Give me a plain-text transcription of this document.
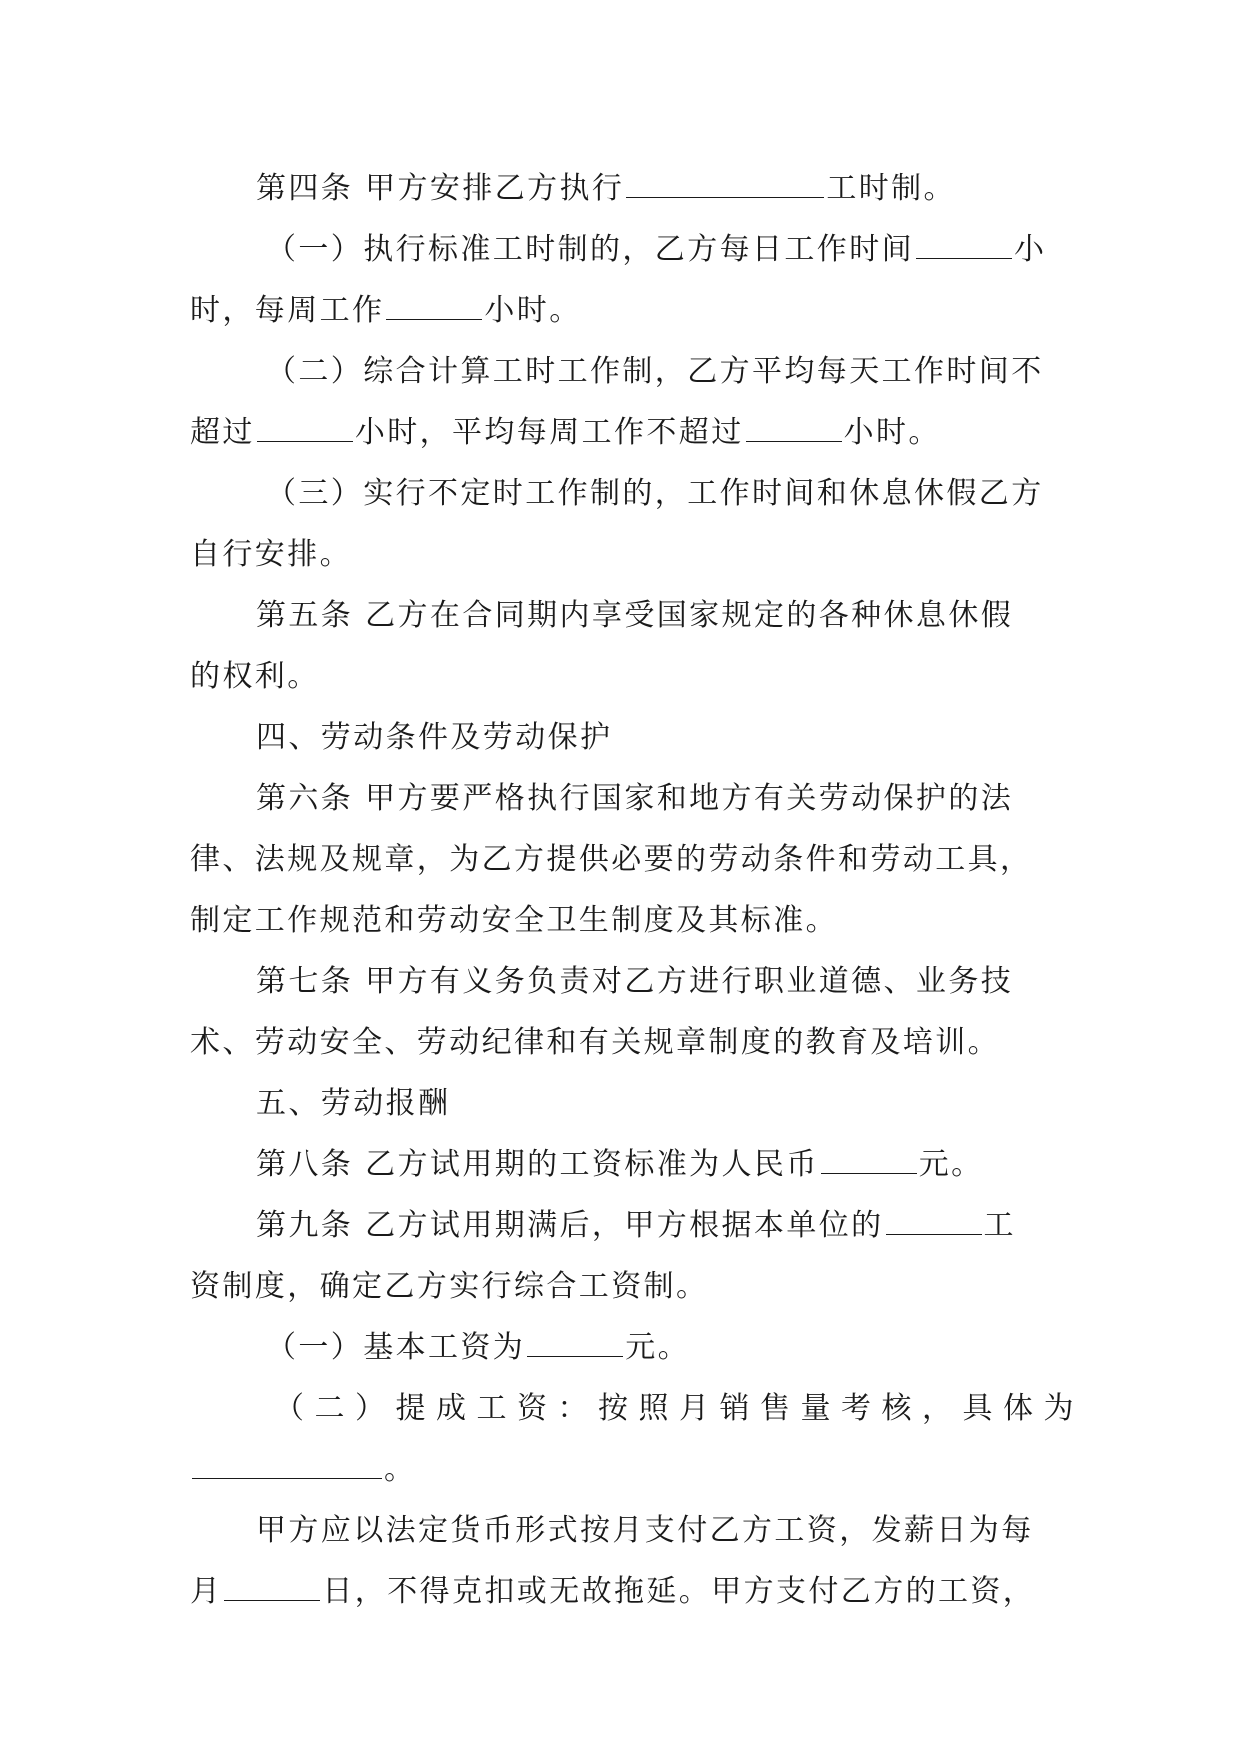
第四条 甲方安排乙方执行	工时制。
（一）执行标准工时制的，乙方每日工作时间	小
时，每周工作	小时。
（二）综合计算工时工作制，乙方平均每天工作时间不
超过	小时，平均每周工作不超过	小时。
（三）实行不定时工作制的，工作时间和休息休假乙方
自行安排。
第五条 乙方在合同期内享受国家规定的各种休息休假
的权利。
四、劳动条件及劳动保护
第六条 甲方要严格执行国家和地方有关劳动保护的法
律、法规及规章，为乙方提供必要的劳动条件和劳动工具，
制定工作规范和劳动安全卫生制度及其标准。
第七条 甲方有义务负责对乙方进行职业道德、业务技
术、劳动安全、劳动纪律和有关规章制度的教育及培训。
五、劳动报酬
第八条 乙方试用期的工资标准为人民币	元。
第九条 乙方试用期满后，甲方根据本单位的	工
资制度，确定乙方实行综合工资制。
（一）基本工资为	元。
（二）提成工资：按照月销售量考核，具体为
。
甲方应以法定货币形式按月支付乙方工资，发薪日为每
月	日，不得克扣或无故拖延。甲方支付乙方的工资，
